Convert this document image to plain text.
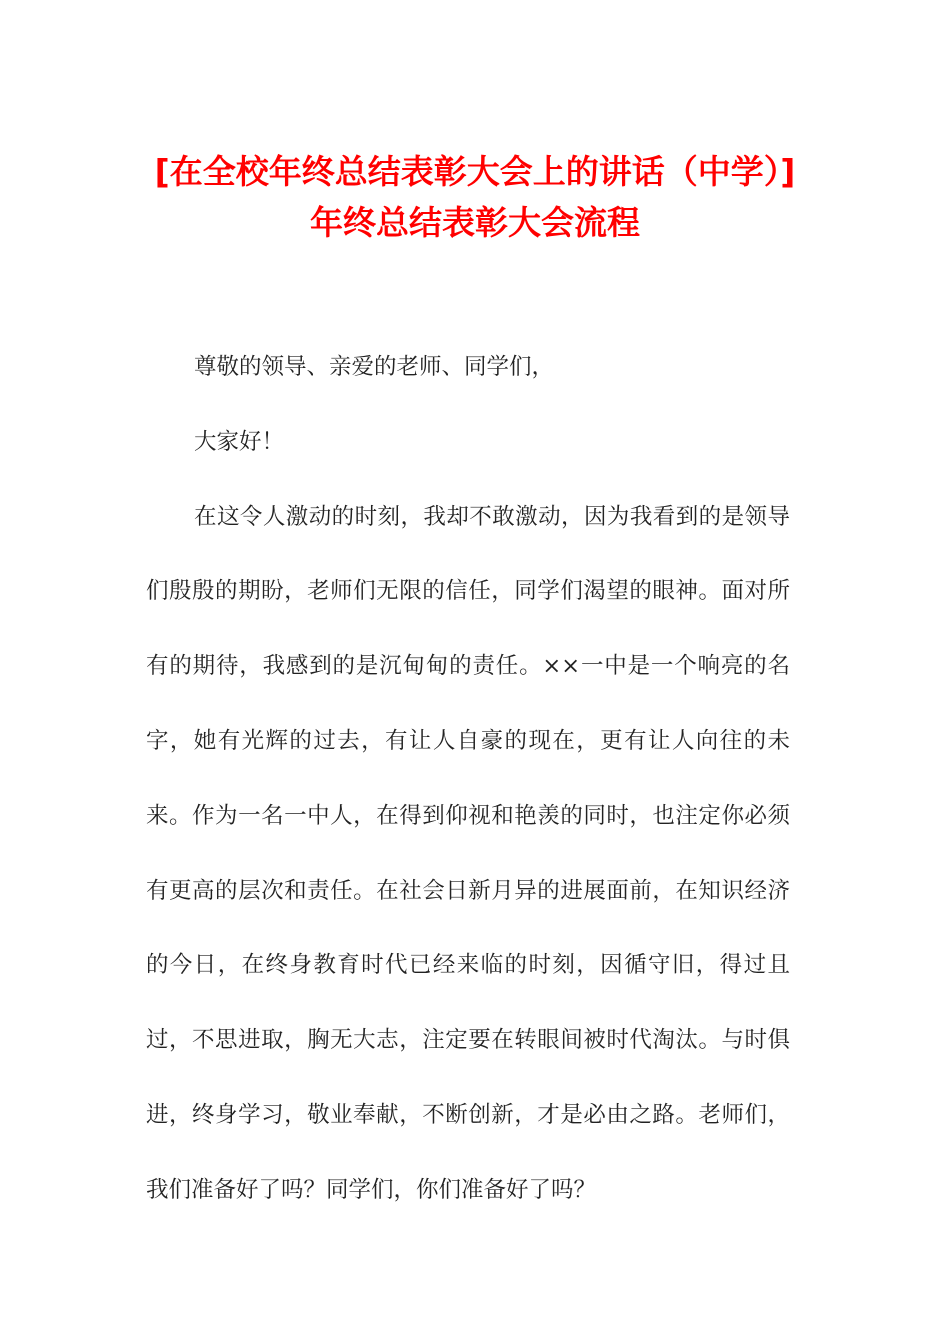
[在全校年终总结表彰大会上的讲话（中学）]年终总结表彰大会流程

尊敬的领导、亲爱的老师、同学们，

大家好！

在这令人激动的时刻，我却不敢激动，因为我看到的是领导们殷殷的期盼，老师们无限的信任，同学们渴望的眼神。面对所有的期待，我感到的是沉甸甸的责任。××一中是一个响亮的名字，她有光辉的过去，有让人自豪的现在，更有让人向往的未来。作为一名一中人，在得到仰视和艳羡的同时，也注定你必须有更高的层次和责任。在社会日新月异的进展面前，在知识经济的今日，在终身教育时代已经来临的时刻，因循守旧，得过且过，不思进取，胸无大志，注定要在转眼间被时代淘汰。与时俱进，终身学习，敬业奉献，不断创新，才是必由之路。老师们，我们准备好了吗？同学们，你们准备好了吗？
